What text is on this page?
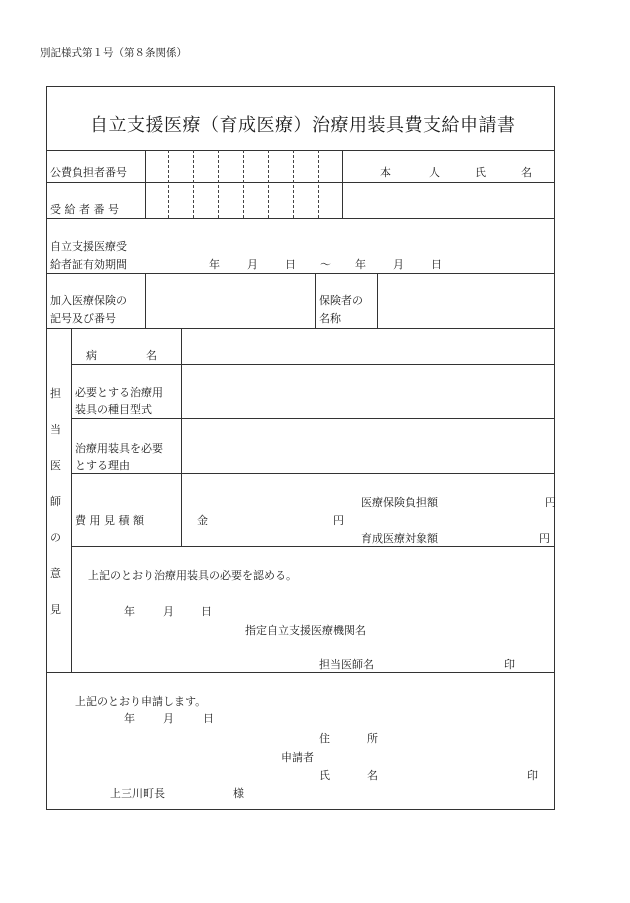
別記様式第１号（第８条関係）
自立支援医療（育成医療）治療用装具費支給申請書
公費負担者番号	本	人	氏	名
受 給 者 番 号
自立支援医療受
給者証有効期間	年 月 日 ～ 年 月 日
加入医療保険の
記号及び番号
保険者の
名称
担
当
医
師
の
意
見
病	名
必要とする治療用
装具の種目型式
治療用装具を必要
とする理由
費 用 見 積 額	金	円
医療保険負担額	円
育成医療対象額	円
上記のとおり治療用装具の必要を認める。
年	月 日
指定自立支援医療機関名
担当医師名	印
上記のとおり申請します。
年	月	日
住	所
申請者
氏	名	印
上三川町長	様
